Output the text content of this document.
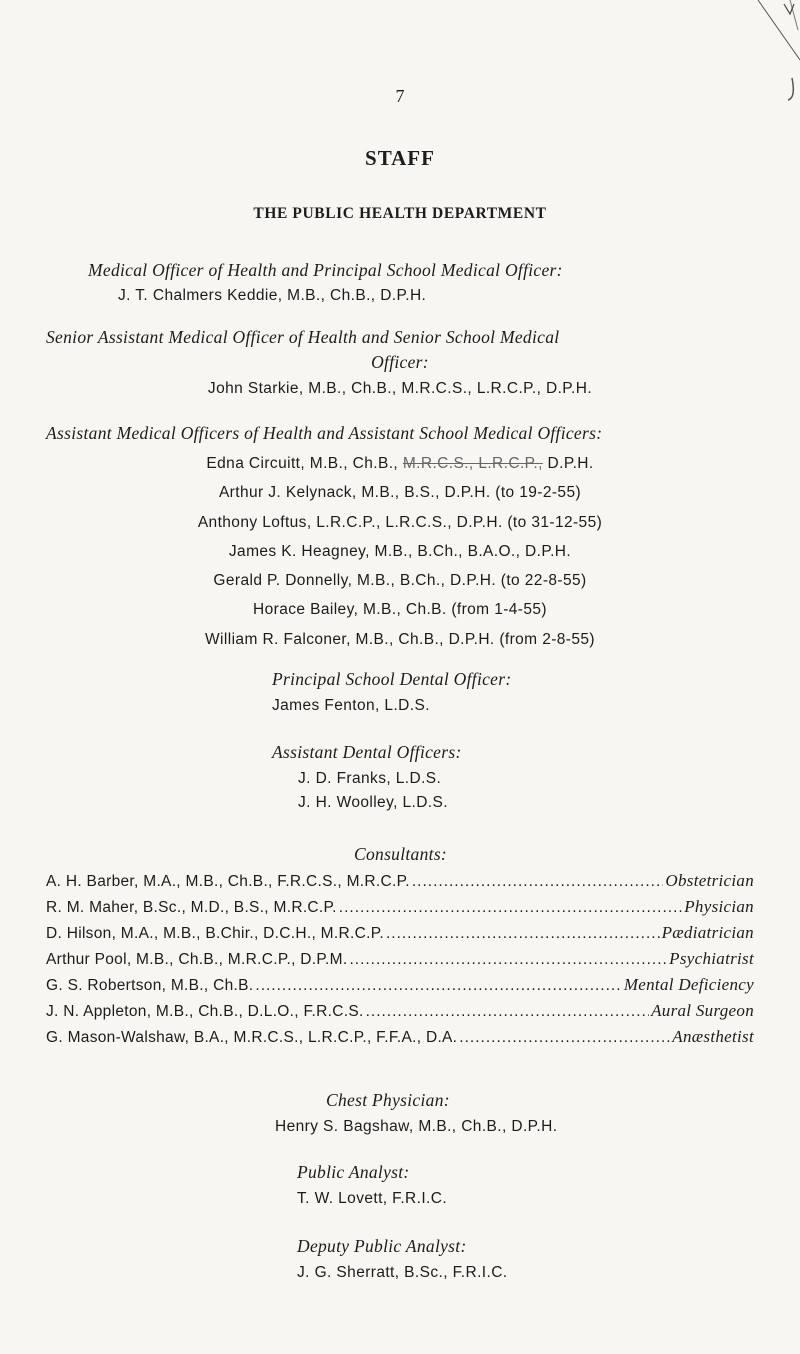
7
STAFF
THE PUBLIC HEALTH DEPARTMENT
Medical Officer of Health and Principal School Medical Officer:
J. T. Chalmers Keddie, M.B., Ch.B., D.P.H.
Senior Assistant Medical Officer of Health and Senior School Medical
Officer:
John Starkie, M.B., Ch.B., M.R.C.S., L.R.C.P., D.P.H.
Assistant Medical Officers of Health and Assistant School Medical Officers:
Edna Circuitt, M.B., Ch.B., M.R.C.S., L.R.C.P., D.P.H.
Arthur J. Kelynack, M.B., B.S., D.P.H. (to 19-2-55)
Anthony Loftus, L.R.C.P., L.R.C.S., D.P.H. (to 31-12-55)
James K. Heagney, M.B., B.Ch., B.A.O., D.P.H.
Gerald P. Donnelly, M.B., B.Ch., D.P.H. (to 22-8-55)
Horace Bailey, M.B., Ch.B. (from 1-4-55)
William R. Falconer, M.B., Ch.B., D.P.H. (from 2-8-55)
Principal School Dental Officer:
James Fenton, L.D.S.
Assistant Dental Officers:
J. D. Franks, L.D.S.
J. H. Woolley, L.D.S.
Consultants:
A. H. Barber, M.A., M.B., Ch.B., F.R.C.S., M.R.C.P. .....	Obstetrician
R. M. Maher, B.Sc., M.D., B.S., M.R.C.P. .....	Physician
D. Hilson, M.A., M.B., B.Chir., D.C.H., M.R.C.P. .....	Pædiatrician
Arthur Pool, M.B., Ch.B., M.R.C.P., D.P.M. .....	Psychiatrist
G. S. Robertson, M.B., Ch.B. .....	Mental Deficiency
J. N. Appleton, M.B., Ch.B., D.L.O., F.R.C.S. .....	Aural Surgeon
G. Mason-Walshaw, B.A., M.R.C.S., L.R.C.P., F.F.A., D.A. .....	Anæsthetist
Chest Physician:
Henry S. Bagshaw, M.B., Ch.B., D.P.H.
Public Analyst:
T. W. Lovett, F.R.I.C.
Deputy Public Analyst:
J. G. Sherratt, B.Sc., F.R.I.C.
